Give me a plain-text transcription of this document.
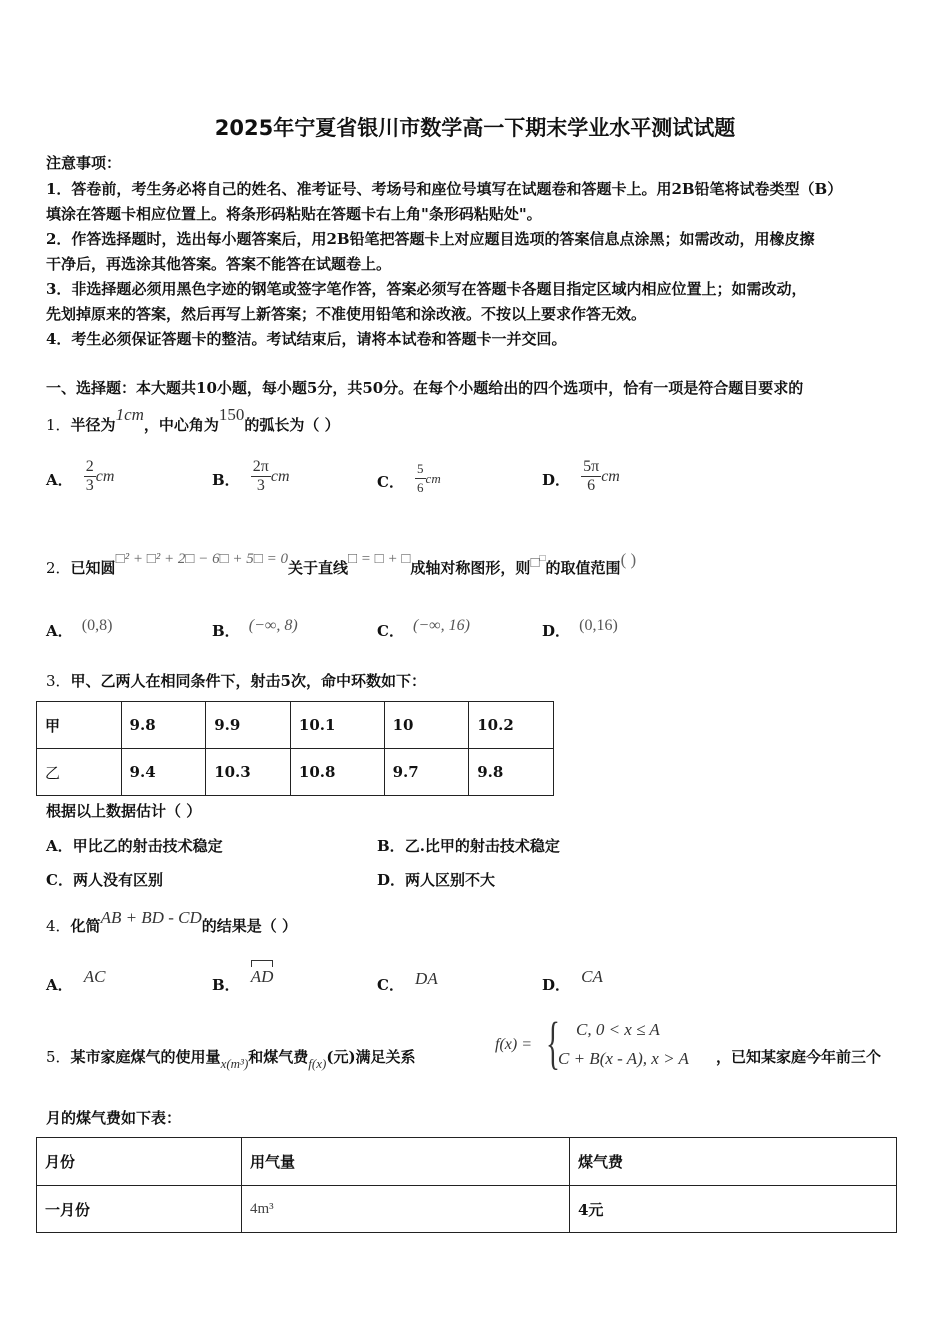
2025年宁夏省银川市数学高一下期末学业水平测试试题
注意事项：
1．答卷前，考生务必将自己的姓名、准考证号、考场号和座位号填写在试题卷和答题卡上。用2B铅笔将试卷类型（B）
填涂在答题卡相应位置上。将条形码粘贴在答题卡右上角"条形码粘贴处"。
2．作答选择题时，选出每小题答案后，用2B铅笔把答题卡上对应题目选项的答案信息点涂黑；如需改动，用橡皮擦
干净后，再选涂其他答案。答案不能答在试题卷上。
3．非选择题必须用黑色字迹的钢笔或签字笔作答，答案必须写在答题卡各题目指定区域内相应位置上；如需改动，
先划掉原来的答案，然后再写上新答案；不准使用铅笔和涂改液。不按以上要求作答无效。
4．考生必须保证答题卡的整洁。考试结束后，请将本试卷和答题卡一并交回。
一、选择题：本大题共10小题，每小题5分，共50分。在每个小题给出的四个选项中，恰有一项是符合题目要求的
1．半径为1cm，中心角为150的弧长为（ ）
A． $\frac{2}{3}$ cm	B． $\frac{2\pi}{3}$ cm	C． $\frac{5}{6}$ cm	D． $\frac{5\pi}{6}$ cm
2．已知圆□² + □² + 2□ − 6□ + 5□ = 0关于直线□ = □ + □成轴对称图形，则□□的取值范围( )
A． (0,8)	B． (−∞, 8)	C． (−∞, 16)	D． (0,16)
3．甲、乙两人在相同条件下，射击5次，命中环数如下：
甲	9.8	9.9	10.1	10	10.2
乙	9.4	10.3	10.8	9.7	9.8
根据以上数据估计（ ）
A．甲比乙的射击技术稳定	B．乙.比甲的射击技术稳定
C．两人没有区别	D．两人区别不大
4．化简AB + BD - CD的结果是（ ）
A． AC	B． AD	C． DA	D． CA
5．某市家庭煤气的使用量x(m³)和煤气费f(x)(元)满足关系
f(x) = { C, 0 < x ≤ A
C + B(x - A), x > A ，已知某家庭今年前三个
月的煤气费如下表：
月份	用气量	煤气费
一月份	4m³	4元
